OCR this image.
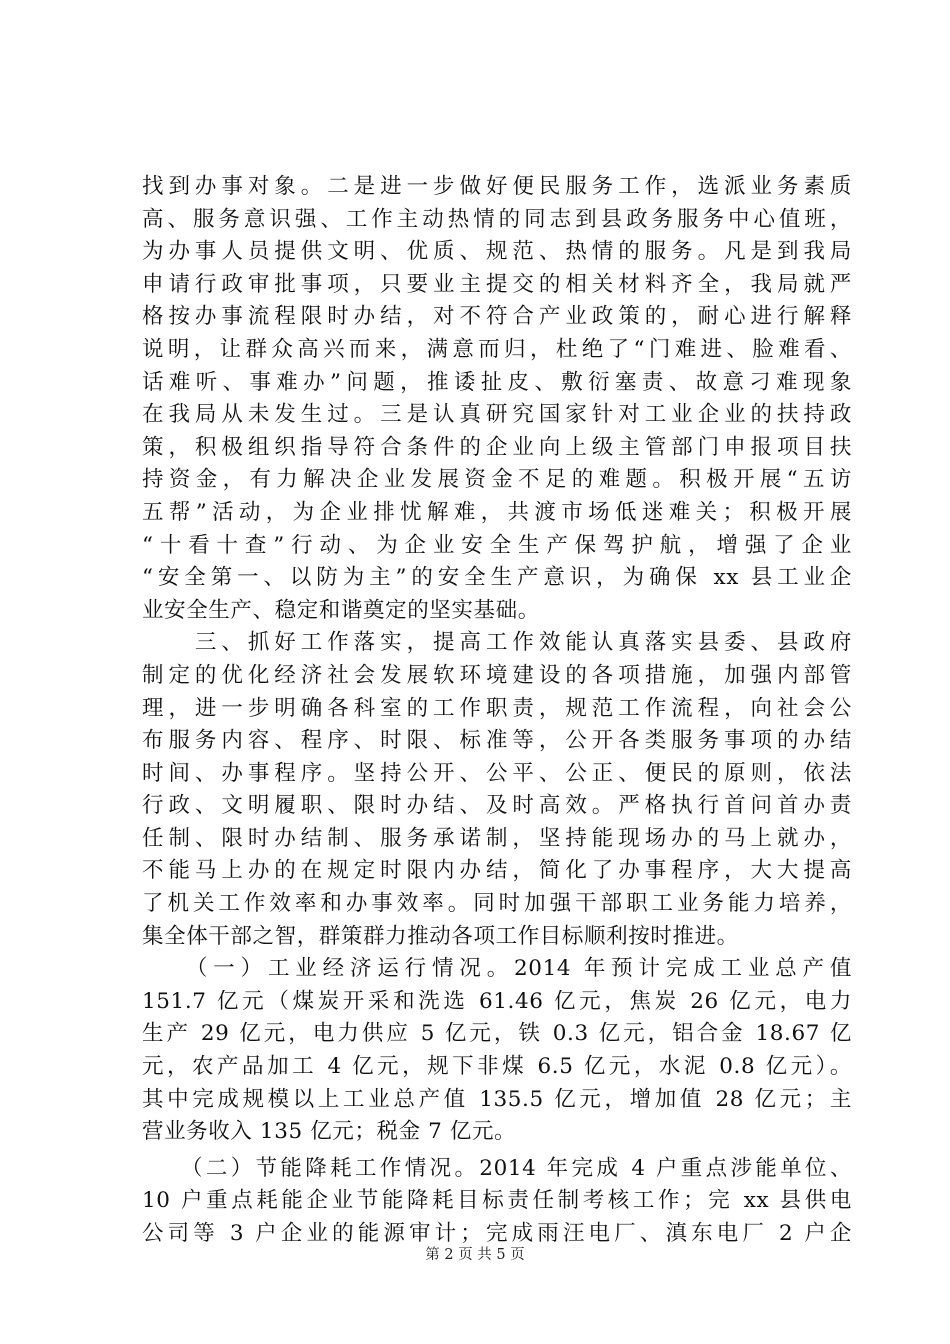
找到办事对象。二是进一步做好便民服务工作，选派业务素质
高、服务意识强、工作主动热情的同志到县政务服务中心值班，
为办事人员提供文明、优质、规范、热情的服务。凡是到我局
申请行政审批事项，只要业主提交的相关材料齐全，我局就严
格按办事流程限时办结，对不符合产业政策的，耐心进行解释
说明，让群众高兴而来，满意而归，杜绝了“门难进、脸难看、
话难听、事难办”问题，推诿扯皮、敷衍塞责、故意刁难现象
在我局从未发生过。三是认真研究国家针对工业企业的扶持政
策，积极组织指导符合条件的企业向上级主管部门申报项目扶
持资金，有力解决企业发展资金不足的难题。积极开展“五访
五帮”活动，为企业排忧解难，共渡市场低迷难关；积极开展
“十看十查”行动、为企业安全生产保驾护航，增强了企业
“安全第一、以防为主”的安全生产意识，为确保 xx 县工业企
业安全生产、稳定和谐奠定的坚实基础。
　　三、抓好工作落实，提高工作效能认真落实县委、县政府
制定的优化经济社会发展软环境建设的各项措施，加强内部管
理，进一步明确各科室的工作职责，规范工作流程，向社会公
布服务内容、程序、时限、标准等，公开各类服务事项的办结
时间、办事程序。坚持公开、公平、公正、便民的原则，依法
行政、文明履职、限时办结、及时高效。严格执行首问首办责
任制、限时办结制、服务承诺制，坚持能现场办的马上就办，
不能马上办的在规定时限内办结，简化了办事程序，大大提高
了机关工作效率和办事效率。同时加强干部职工业务能力培养，
集全体干部之智，群策群力推动各项工作目标顺利按时推进。
　　（一）工业经济运行情况。2014 年预计完成工业总产值
151.7 亿元（煤炭开采和洗选 61.46 亿元，焦炭 26 亿元，电力
生产 29 亿元，电力供应 5 亿元，铁 0.3 亿元，铝合金 18.67 亿
元，农产品加工 4 亿元，规下非煤 6.5 亿元，水泥 0.8 亿元）。
其中完成规模以上工业总产值 135.5 亿元，增加值 28 亿元；主
营业务收入 135 亿元；税金 7 亿元。
　　（二）节能降耗工作情况。2014 年完成 4 户重点涉能单位、
10 户重点耗能企业节能降耗目标责任制考核工作；完 xx 县供电
公司等 3 户企业的能源审计；完成雨汪电厂、滇东电厂 2 户企
第 2 页 共 5 页
